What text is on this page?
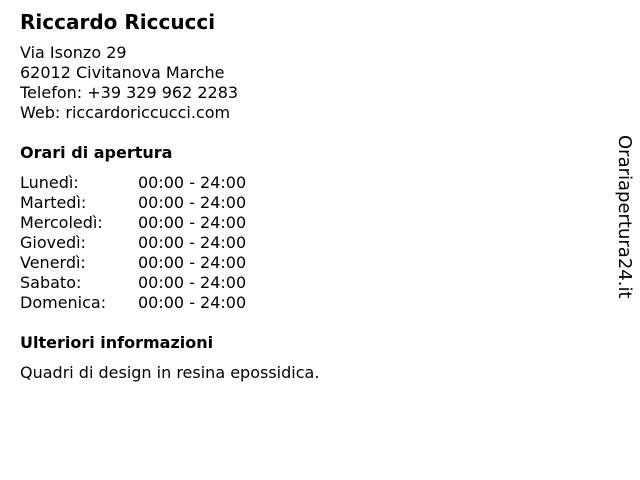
Riccardo Riccucci
Via Isonzo 29
62012 Civitanova Marche
Telefon: +39 329 962 2283
Web: riccardoriccucci.com
Orari di apertura
Lunedì:	00:00 - 24:00
Martedì:	00:00 - 24:00
Mercoledì:	00:00 - 24:00
Giovedì:	00:00 - 24:00
Venerdì:	00:00 - 24:00
Sabato:	00:00 - 24:00
Domenica:	00:00 - 24:00
Ulteriori informazioni
Quadri di design in resina epossidica.
Orariapertura24.it
